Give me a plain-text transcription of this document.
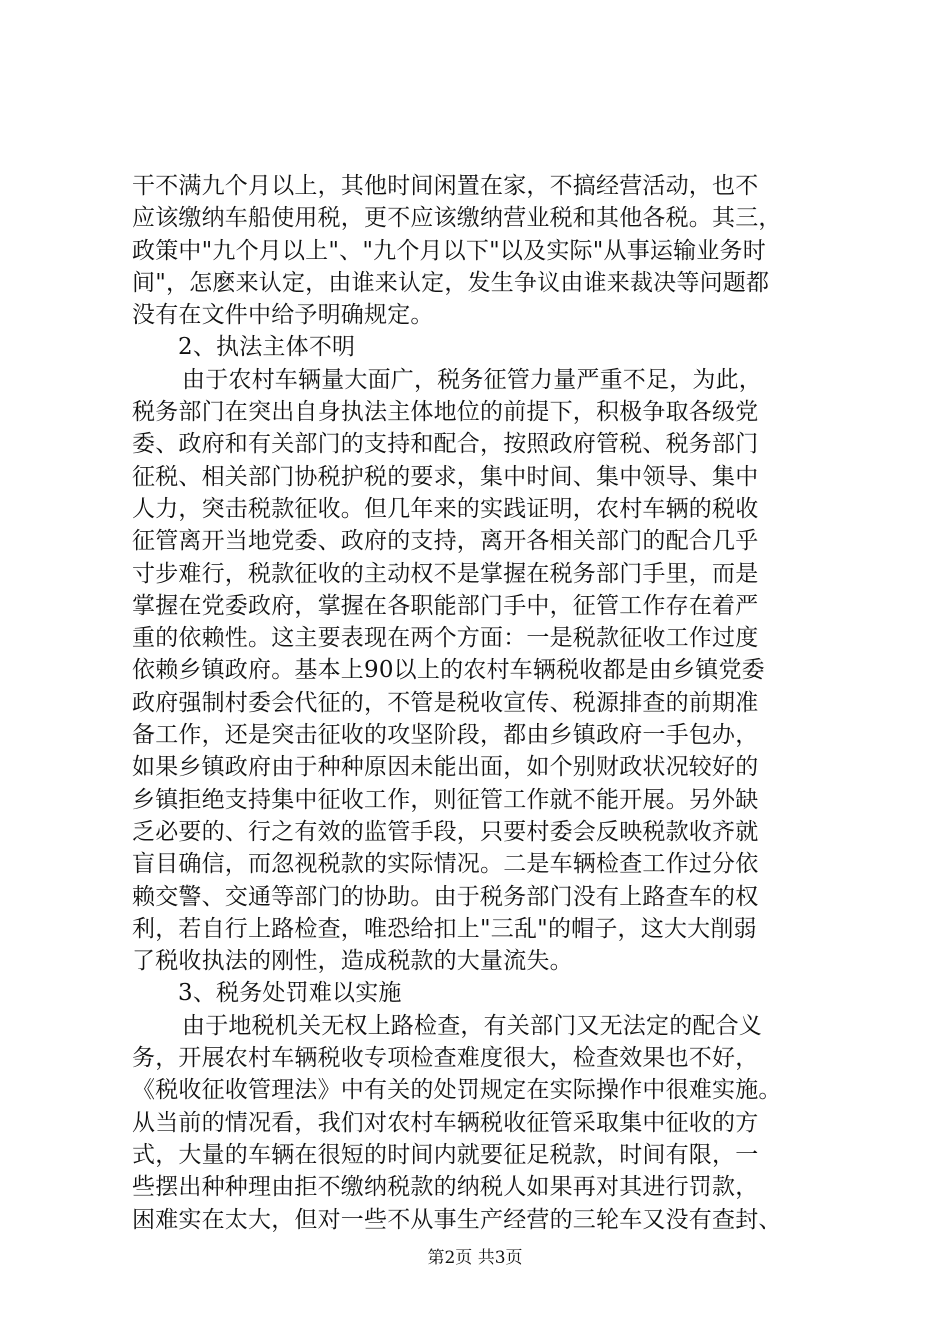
干不满九个月以上，其他时间闲置在家，不搞经营活动，也不
应该缴纳车船使用税，更不应该缴纳营业税和其他各税。其三，
政策中"九个月以上"、"九个月以下"以及实际"从事运输业务时
间"，怎麽来认定，由谁来认定，发生争议由谁来裁决等问题都
没有在文件中给予明确规定。
2、执法主体不明
由于农村车辆量大面广，税务征管力量严重不足，为此，
税务部门在突出自身执法主体地位的前提下，积极争取各级党
委、政府和有关部门的支持和配合，按照政府管税、税务部门
征税、相关部门协税护税的要求，集中时间、集中领导、集中
人力，突击税款征收。但几年来的实践证明，农村车辆的税收
征管离开当地党委、政府的支持，离开各相关部门的配合几乎
寸步难行，税款征收的主动权不是掌握在税务部门手里，而是
掌握在党委政府，掌握在各职能部门手中，征管工作存在着严
重的依赖性。这主要表现在两个方面：一是税款征收工作过度
依赖乡镇政府。基本上90以上的农村车辆税收都是由乡镇党委
政府强制村委会代征的，不管是税收宣传、税源排查的前期准
备工作，还是突击征收的攻坚阶段，都由乡镇政府一手包办，
如果乡镇政府由于种种原因未能出面，如个别财政状况较好的
乡镇拒绝支持集中征收工作，则征管工作就不能开展。另外缺
乏必要的、行之有效的监管手段，只要村委会反映税款收齐就
盲目确信，而忽视税款的实际情况。二是车辆检查工作过分依
赖交警、交通等部门的协助。由于税务部门没有上路查车的权
利，若自行上路检查，唯恐给扣上"三乱"的帽子，这大大削弱
了税收执法的刚性，造成税款的大量流失。
3、税务处罚难以实施
由于地税机关无权上路检查，有关部门又无法定的配合义
务，开展农村车辆税收专项检查难度很大，检查效果也不好，
《税收征收管理法》中有关的处罚规定在实际操作中很难实施。
从当前的情况看，我们对农村车辆税收征管采取集中征收的方
式，大量的车辆在很短的时间内就要征足税款，时间有限，一
些摆出种种理由拒不缴纳税款的纳税人如果再对其进行罚款，
困难实在太大，但对一些不从事生产经营的三轮车又没有查封、
第2页 共3页
